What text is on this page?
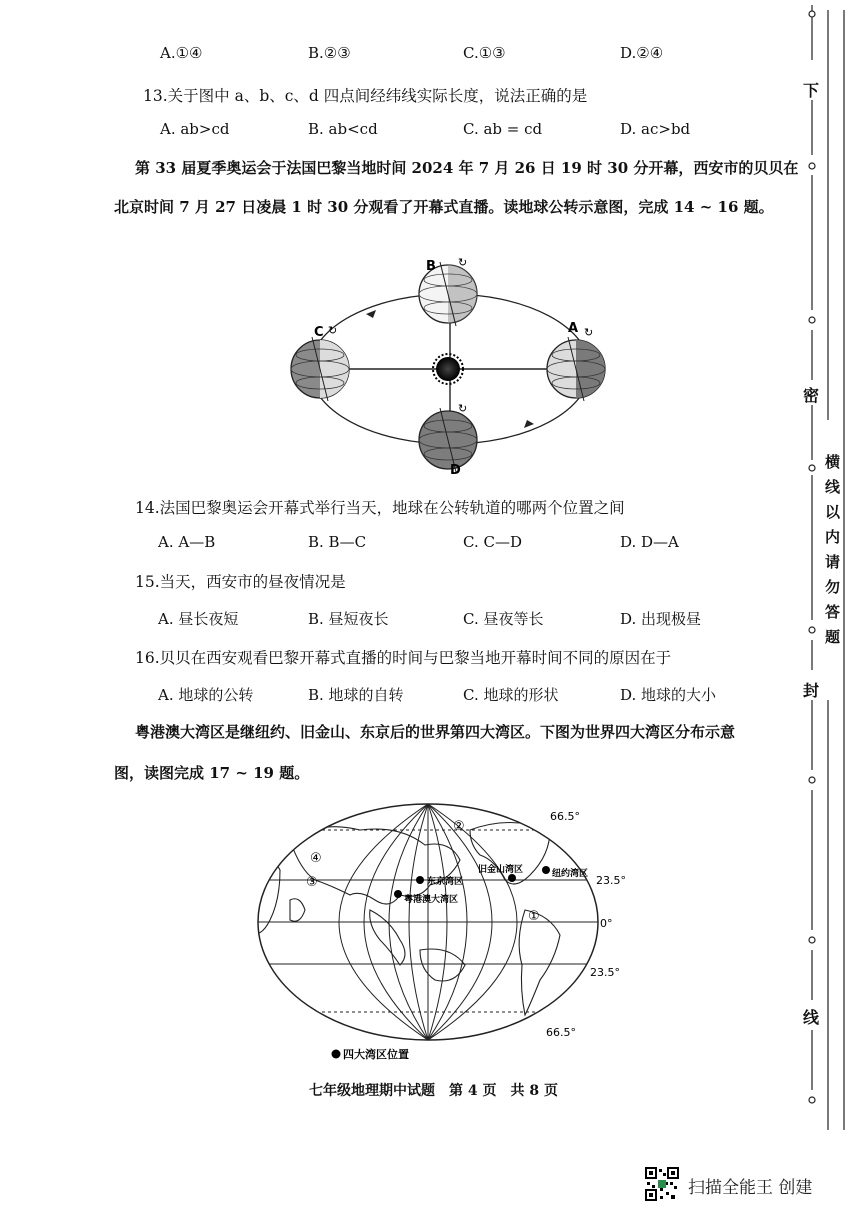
A.①④	B.②③	C.①③	D.②④
13.关于图中 a、b、c、d 四点间经纬线实际长度，说法正确的是
A. ab>cd	B. ab<cd	C. ab = cd	D. ac>bd
第 33 届夏季奥运会于法国巴黎当地时间 2024 年 7 月 26 日 19 时 30 分开幕，西安市的贝贝在
北京时间 7 月 27 日凌晨 1 时 30 分观看了开幕式直播。读地球公转示意图，完成 14 ~ 16 题。
B ↻
C ↻	A ↻
D
↻
14.法国巴黎奥运会开幕式举行当天，地球在公转轨道的哪两个位置之间
A. A—B	B. B—C	C. C—D	D. D—A
15.当天，西安市的昼夜情况是
A. 昼长夜短	B. 昼短夜长	C. 昼夜等长	D. 出现极昼
16.贝贝在西安观看巴黎开幕式直播的时间与巴黎当地开幕时间不同的原因在于
A. 地球的公转	B. 地球的自转	C. 地球的形状	D. 地球的大小
粤港澳大湾区是继纽约、旧金山、东京后的世界第四大湾区。下图为世界四大湾区分布示意
图，读图完成 17 ~ 19 题。
66.5°
23.5°
0°
23.5°
66.5°
东京湾区
粤港澳大湾区
旧金山湾区	纽约湾区
①
②
③
④
四大湾区位置
七年级地理期中试题　第 4 页　共 8 页
下
密
封
线
横线以内请勿答题
扫描全能王 创建
